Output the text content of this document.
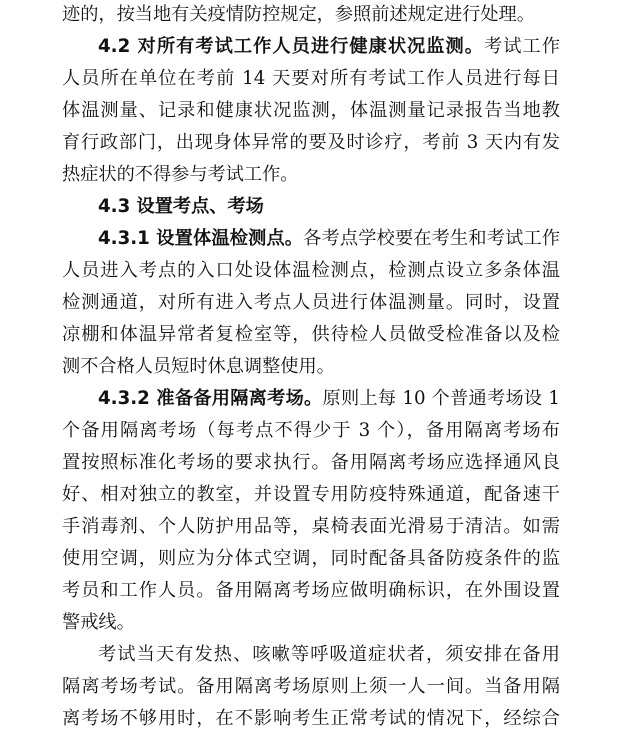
迹的，按当地有关疫情防控规定，参照前述规定进行处理。
4.2 对所有考试工作人员进行健康状况监测。考试工作
人员所在单位在考前 14 天要对所有考试工作人员进行每日
体温测量、记录和健康状况监测，体温测量记录报告当地教
育行政部门，出现身体异常的要及时诊疗，考前 3 天内有发
热症状的不得参与考试工作。
4.3 设置考点、考场
4.3.1 设置体温检测点。各考点学校要在考生和考试工作
人员进入考点的入口处设体温检测点，检测点设立多条体温
检测通道，对所有进入考点人员进行体温测量。同时，设置
凉棚和体温异常者复检室等，供待检人员做受检准备以及检
测不合格人员短时休息调整使用。
4.3.2 准备备用隔离考场。原则上每 10 个普通考场设 1
个备用隔离考场（每考点不得少于 3 个），备用隔离考场布
置按照标准化考场的要求执行。备用隔离考场应选择通风良
好、相对独立的教室，并设置专用防疫特殊通道，配备速干
手消毒剂、个人防护用品等，桌椅表面光滑易于清洁。如需
使用空调，则应为分体式空调，同时配备具备防疫条件的监
考员和工作人员。备用隔离考场应做明确标识，在外围设置
警戒线。
考试当天有发热、咳嗽等呼吸道症状者，须安排在备用
隔离考场考试。备用隔离考场原则上须一人一间。当备用隔
离考场不够用时，在不影响考生正常考试的情况下，经综合
